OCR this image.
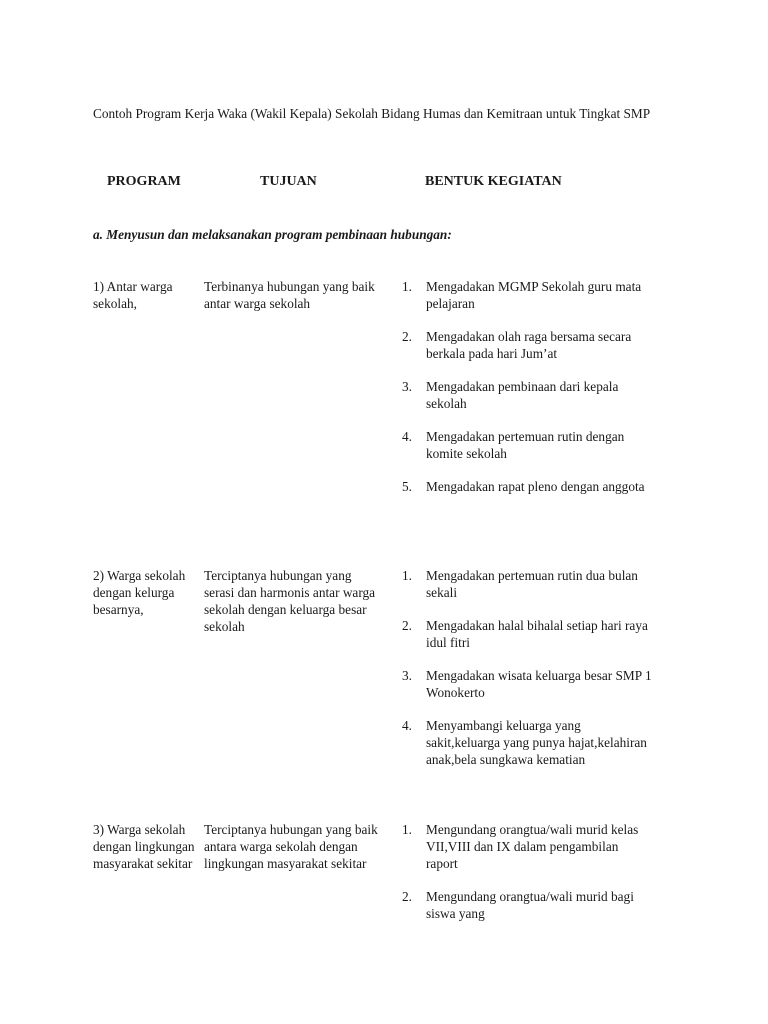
Contoh Program Kerja Waka (Wakil Kepala) Sekolah Bidang Humas dan Kemitraan untuk Tingkat SMP
PROGRAM	TUJUAN	BENTUK KEGIATAN
a. Menyusun dan melaksanakan program pembinaan hubungan:
1) Antar warga sekolah,
Terbinanya hubungan yang baik antar warga sekolah
1. Mengadakan MGMP Sekolah guru mata pelajaran
2. Mengadakan olah raga bersama secara berkala pada hari Jum’at
3. Mengadakan pembinaan dari kepala sekolah
4. Mengadakan pertemuan rutin dengan komite sekolah
5. Mengadakan rapat pleno dengan anggota
2) Warga sekolah dengan kelurga besarnya,
Terciptanya hubungan yang serasi dan harmonis antar warga sekolah dengan keluarga besar sekolah
1. Mengadakan pertemuan rutin dua bulan sekali
2. Mengadakan halal bihalal setiap hari raya idul fitri
3. Mengadakan wisata keluarga besar SMP 1 Wonokerto
4. Menyambangi keluarga yang sakit,keluarga yang punya hajat,kelahiran anak,bela sungkawa kematian
3) Warga sekolah dengan lingkungan masyarakat sekitar
Terciptanya hubungan yang baik antara warga sekolah dengan lingkungan masyarakat sekitar
1. Mengundang orangtua/wali murid kelas VII,VIII dan IX dalam pengambilan raport
2. Mengundang orangtua/wali murid bagi siswa yang
